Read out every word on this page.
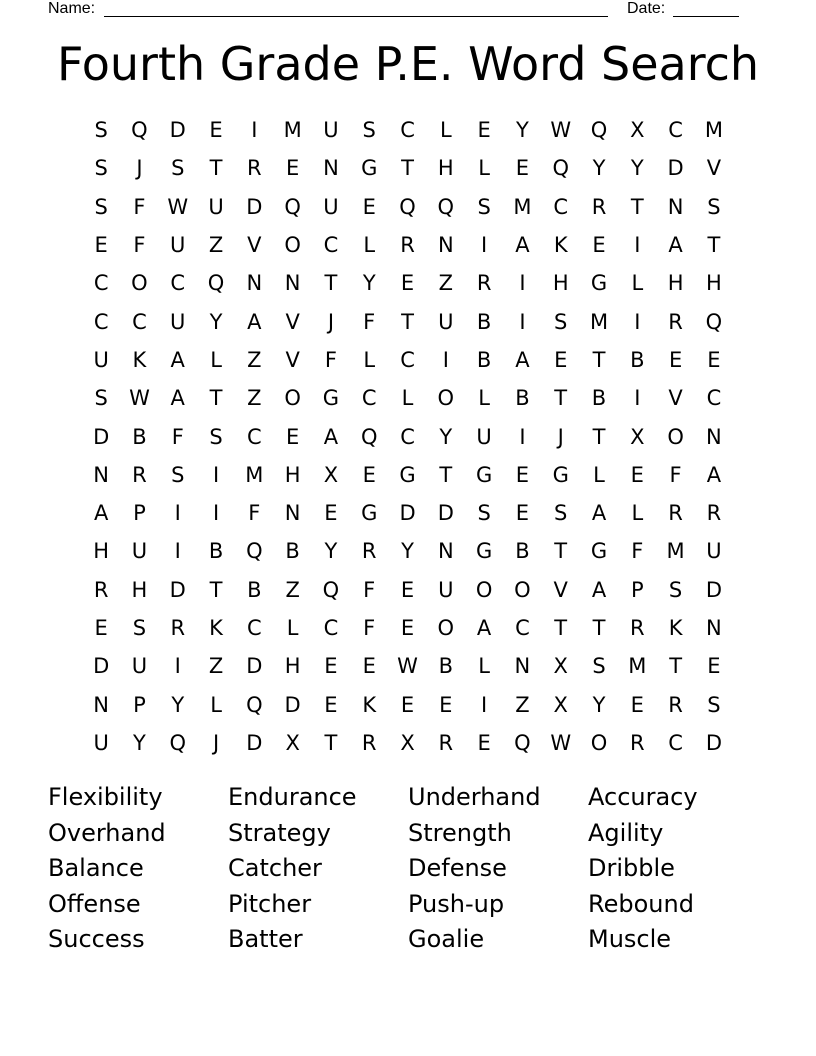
Name:	Date:
Fourth Grade P.E. Word Search
S	Q	D	E	I	M	U	S	C	L	E	Y	W Q	X	C	M
S	J	S	T	R	E	N	G	T	H	L	E	Q	Y	Y	D	V
S	F	W U	D	Q	U	E	Q	Q	S	M	C	R	T	N	S
E	F	U	Z	V	O	C	L	R	N	I	A	K	E	I	A	T
C	O	C	Q	N	N	T	Y	E	Z	R	I	H	G	L	H	H
C	C	U	Y	A	V	J	F	T	U	B	I	S	M	I	R	Q
U	K	A	L	Z	V	F	L	C	I	B	A	E	T	B	E	E
S	W A	T	Z	O	G	C	L	O	L	B	T	B	I	V	C
D	B	F	S	C	E	A	Q	C	Y	U	I	J	T	X	O	N
N	R	S	I	M	H	X	E	G	T	G	E	G	L	E	F	A
A	P	I	I	F	N	E	G	D	D	S	E	S	A	L	R	R
H	U	I	B	Q	B	Y	R	Y	N	G	B	T	G	F	M	U
R	H	D	T	B	Z	Q	F	E	U	O	O	V	A	P	S	D
E	S	R	K	C	L	C	F	E	O	A	C	T	T	R	K	N
D	U	I	Z	D	H	E	E	W B	L	N	X	S	M	T	E
N	P	Y	L	Q	D	E	K	E	E	I	Z	X	Y	E	R	S
U	Y	Q	J	D	X	T	R	X	R	E	Q W O	R	C	D
Flexibility	Endurance	Underhand	Accuracy
Overhand	Strategy	Strength	Agility
Balance	Catcher	Defense	Dribble
Offense	Pitcher	Push-up	Rebound
Success	Batter	Goalie	Muscle
